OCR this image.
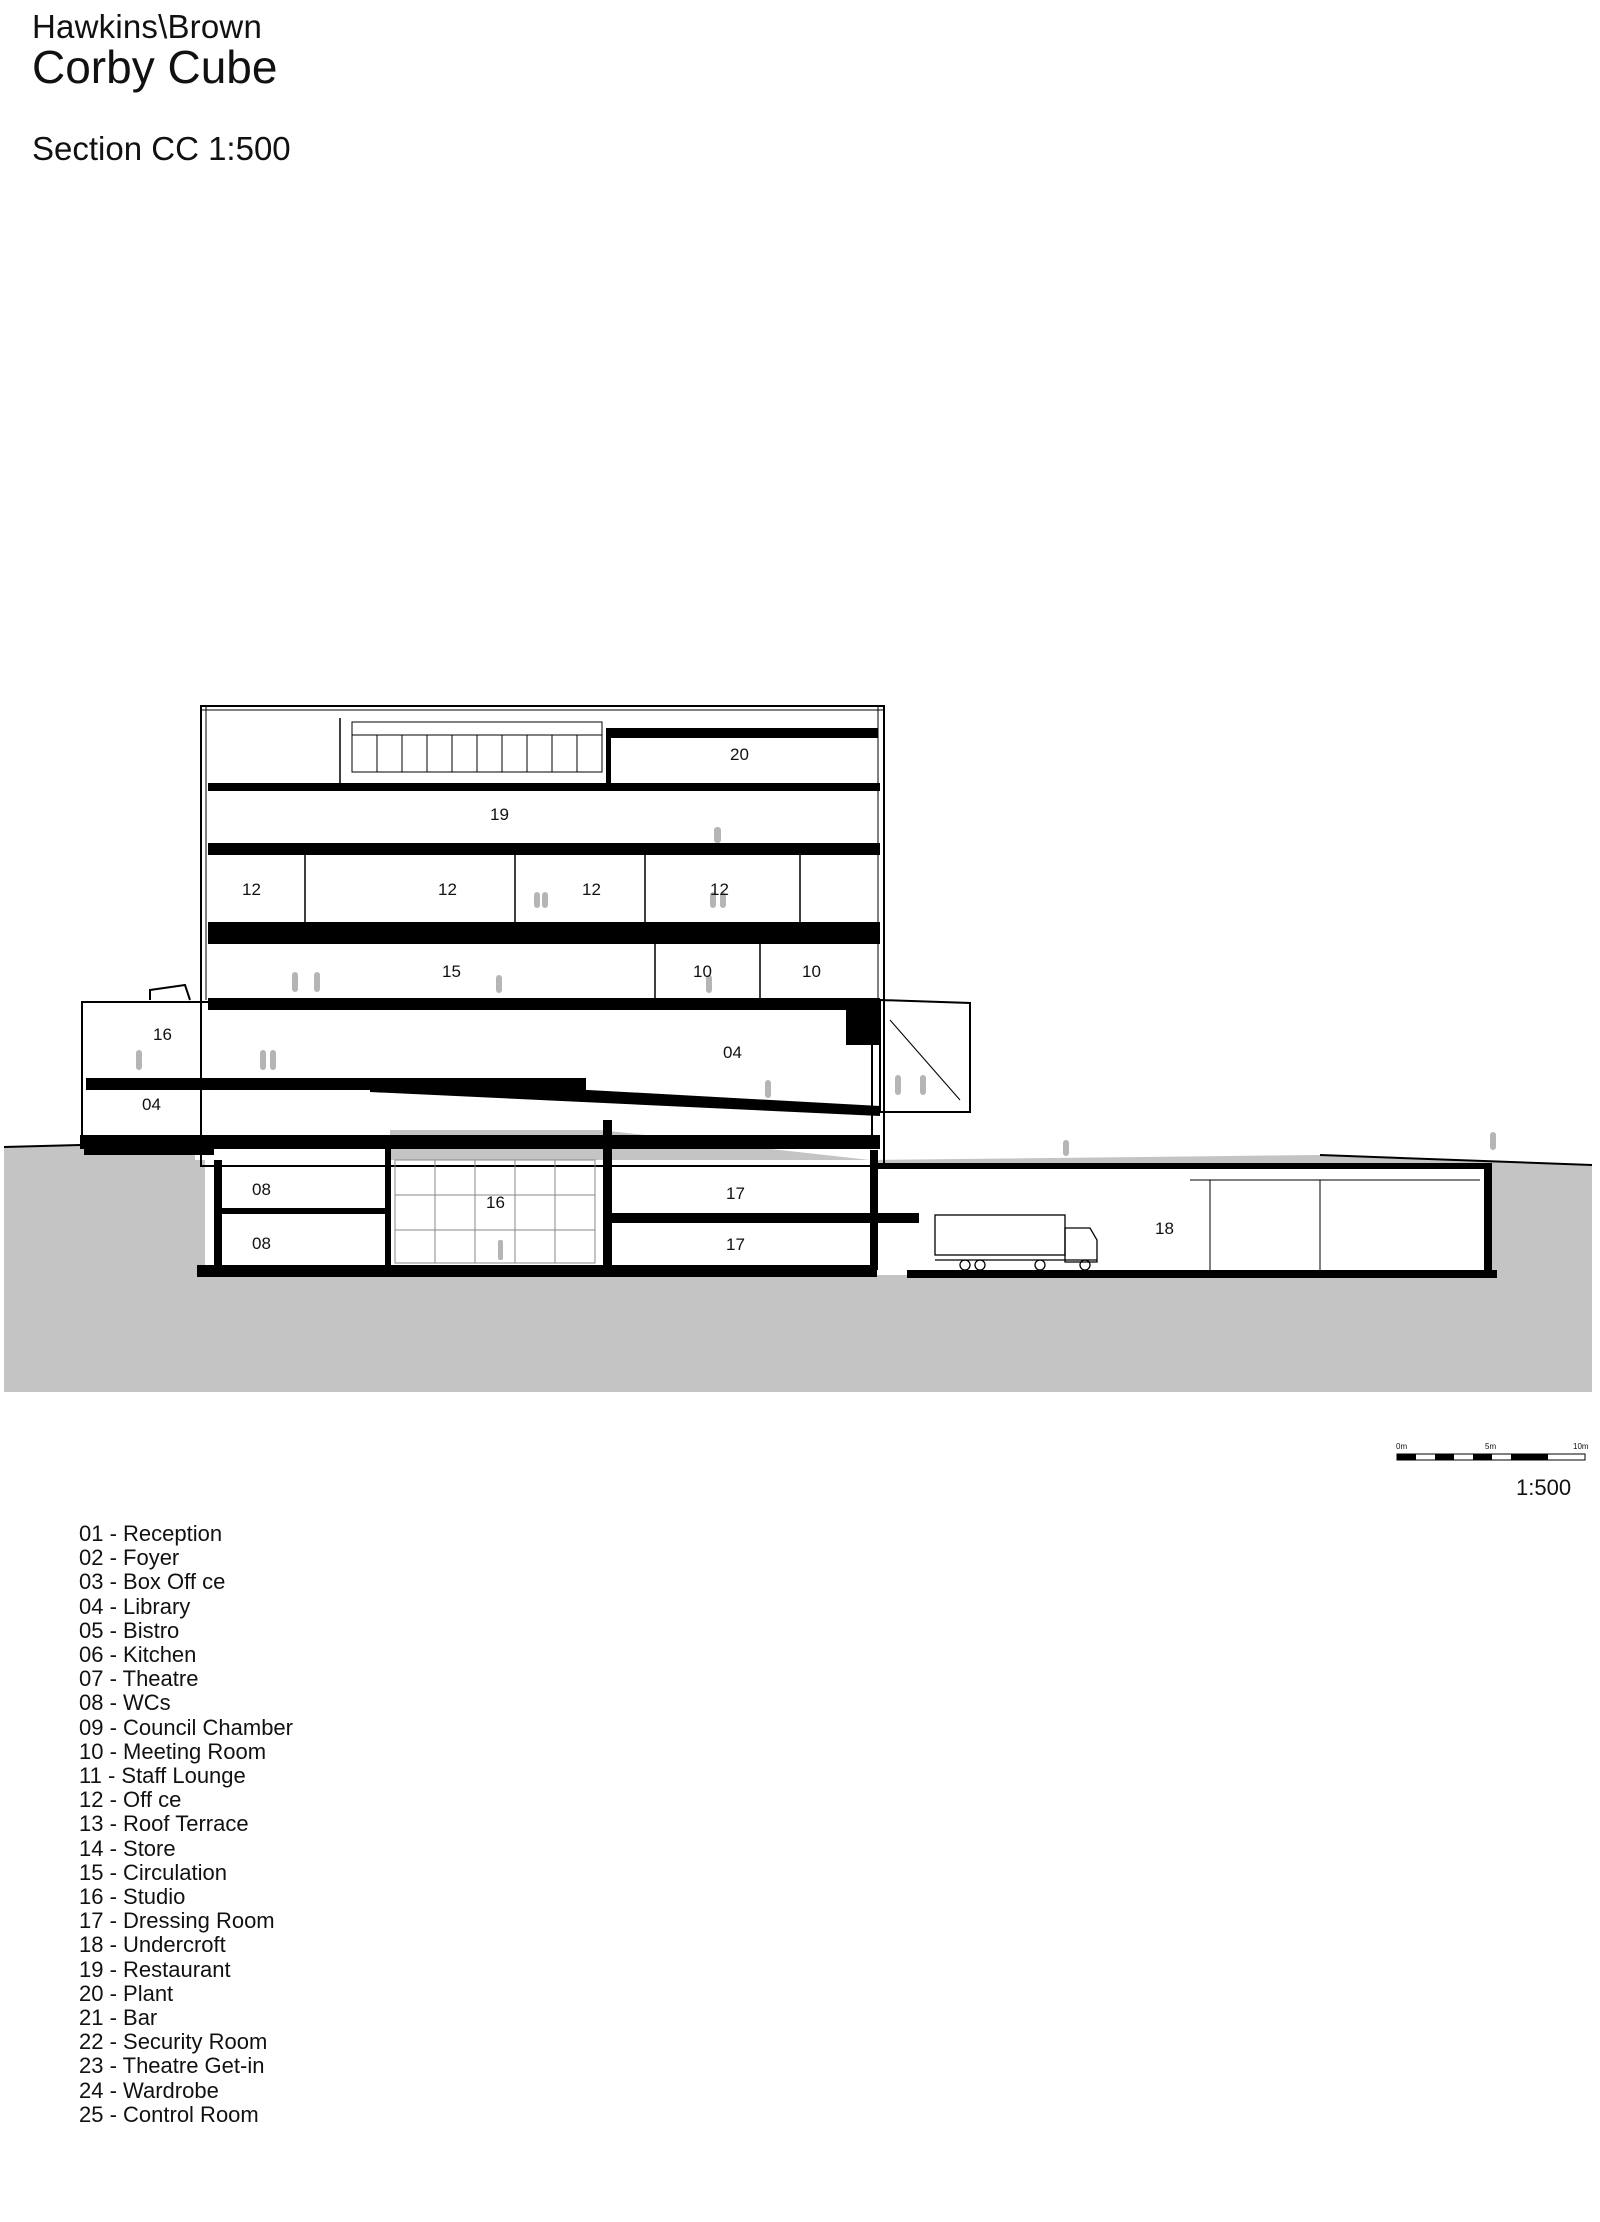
Hawkins\Brown
Corby Cube
Section CC 1:500
20
19
12	12	12	12
15	10	10
16
04
04
08
08
16	17
17
18
0m	5m	10m
1:500
01 - Reception
02 - Foyer
03 - Box Off ce
04 - Library
05 - Bistro
06 - Kitchen
07 - Theatre
08 - WCs
09 - Council Chamber
10 - Meeting Room
11 - Staff Lounge
12 - Off ce
13 - Roof Terrace
14 - Store
15 - Circulation
16 - Studio
17 - Dressing Room
18 - Undercroft
19 - Restaurant
20 - Plant
21 - Bar
22 - Security Room
23 - Theatre Get-in
24 - Wardrobe
25 - Control Room
